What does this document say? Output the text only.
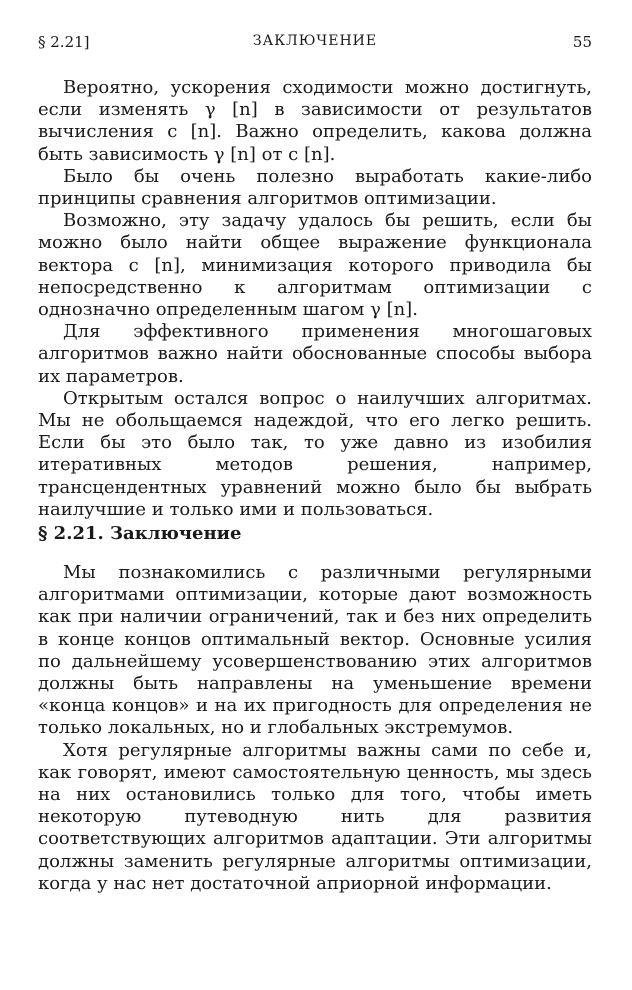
§ 2.21]	ЗАКЛЮЧЕНИЕ	55

Вероятно, ускорения сходимости можно достигнуть, если изменять γ [n] в зависимости от результатов вычисления c [n]. Важно определить, какова должна быть зависимость γ [n] от c [n].

Было бы очень полезно выработать какие-либо принципы сравнения алгоритмов оптимизации.

Возможно, эту задачу удалось бы решить, если бы можно было найти общее выражение функционала вектора c [n], минимизация которого приводила бы непосредственно к алгоритмам оптимизации с однозначно определенным шагом γ [n].

Для эффективного применения многошаговых алгоритмов важно найти обоснованные способы выбора их параметров.

Открытым остался вопрос о наилучших алгоритмах. Мы не обольщаемся надеждой, что его легко решить. Если бы это было так, то уже давно из изобилия итеративных методов решения, например, трансцендентных уравнений можно было бы выбрать наилучшие и только ими и пользоваться.

§ 2.21. Заключение

Мы познакомились с различными регулярными алгоритмами оптимизации, которые дают возможность как при наличии ограничений, так и без них определить в конце концов оптимальный вектор. Основные усилия по дальнейшему усовершенствованию этих алгоритмов должны быть направлены на уменьшение времени «конца концов» и на их пригодность для определения не только локальных, но и глобальных экстремумов.

Хотя регулярные алгоритмы важны сами по себе и, как говорят, имеют самостоятельную ценность, мы здесь на них остановились только для того, чтобы иметь некоторую путеводную нить для развития соответствующих алгоритмов адаптации. Эти алгоритмы должны заменить регулярные алгоритмы оптимизации, когда у нас нет достаточной априорной информации.
